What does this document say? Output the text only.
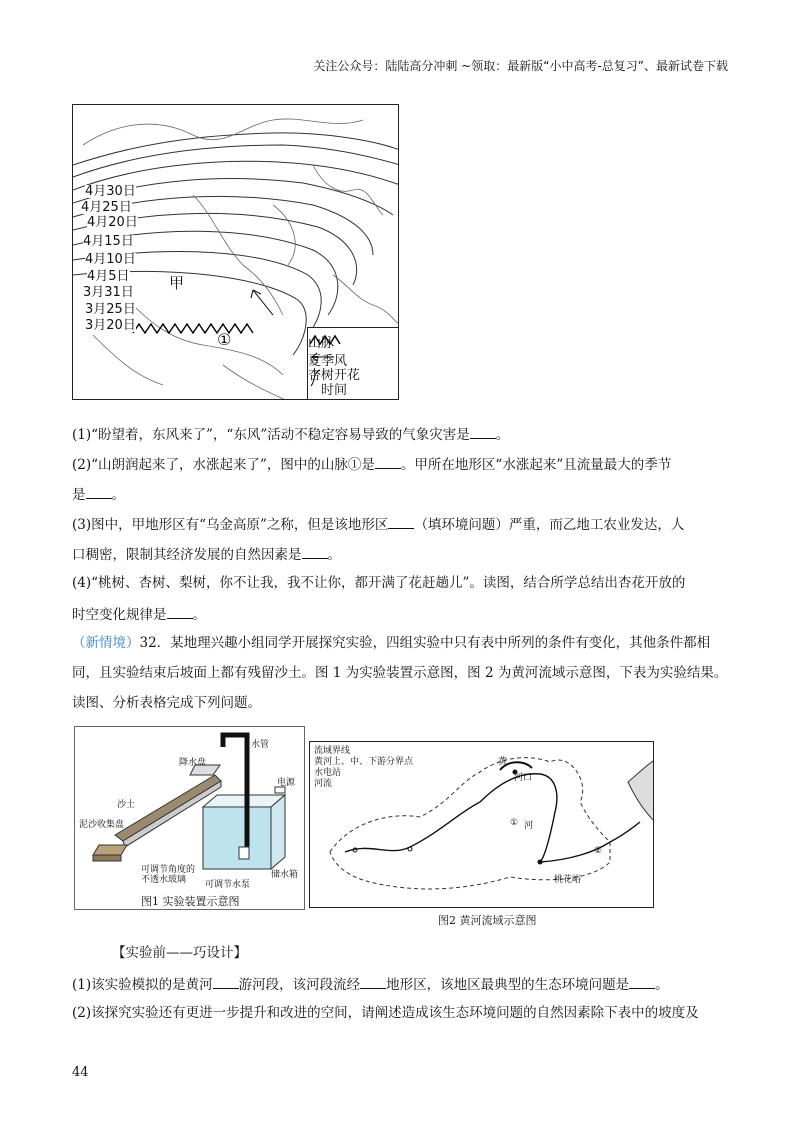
关注公众号：陆陆高分冲刺 ~领取：最新版“小中高考-总复习”、最新试卷下载
4月30日
4月25日
4月20日
4月15日
4月10日
4月5日
3月31日
3月25日
3月20日
甲
①	山脉
夏季风
杏树开花
时间
(1)“盼望着，东风来了”，“东风”活动不稳定容易导致的气象灾害是 。
(2)“山朗润起来了，水涨起来了”，图中的山脉①是 。甲所在地形区“水涨起来”且流量最大的季节
是 。
(3)图中，甲地形区有“乌金高原”之称，但是该地形区 （填环境问题）严重，而乙地工农业发达，人
口稠密，限制其经济发展的自然因素是 。
(4)“桃树、杏树、梨树，你不让我，我不让你，都开满了花赶趟儿”。读图，结合所学总结出杏花开放的
时空变化规律是 。
（新情境）32．某地理兴趣小组同学开展探究实验，四组实验中只有表中所列的条件有变化，其他条件都相同，且实验结束后坡面上都有残留沙土。图 1 为实验装置示意图，图 2 为黄河流域示意图，下表为实验结果。读图、分析表格完成下列问题。
水管
降水盘
电源
沙土
泥沙收集盘
可调节角度的不透水玻璃	可调节水泵
储水箱
图1 实验装置示意图
流域界线
黄河上、中、下游分界点
水电站
河流
黄
河口
① 河
②
桃花峪
图2 黄河流域示意图
【实验前——巧设计】
(1)该实验模拟的是黄河 游河段，该河段流经 地形区，该地区最典型的生态环境问题是 。
(2)该探究实验还有更进一步提升和改进的空间，请阐述造成该生态环境问题的自然因素除下表中的坡度及
44
